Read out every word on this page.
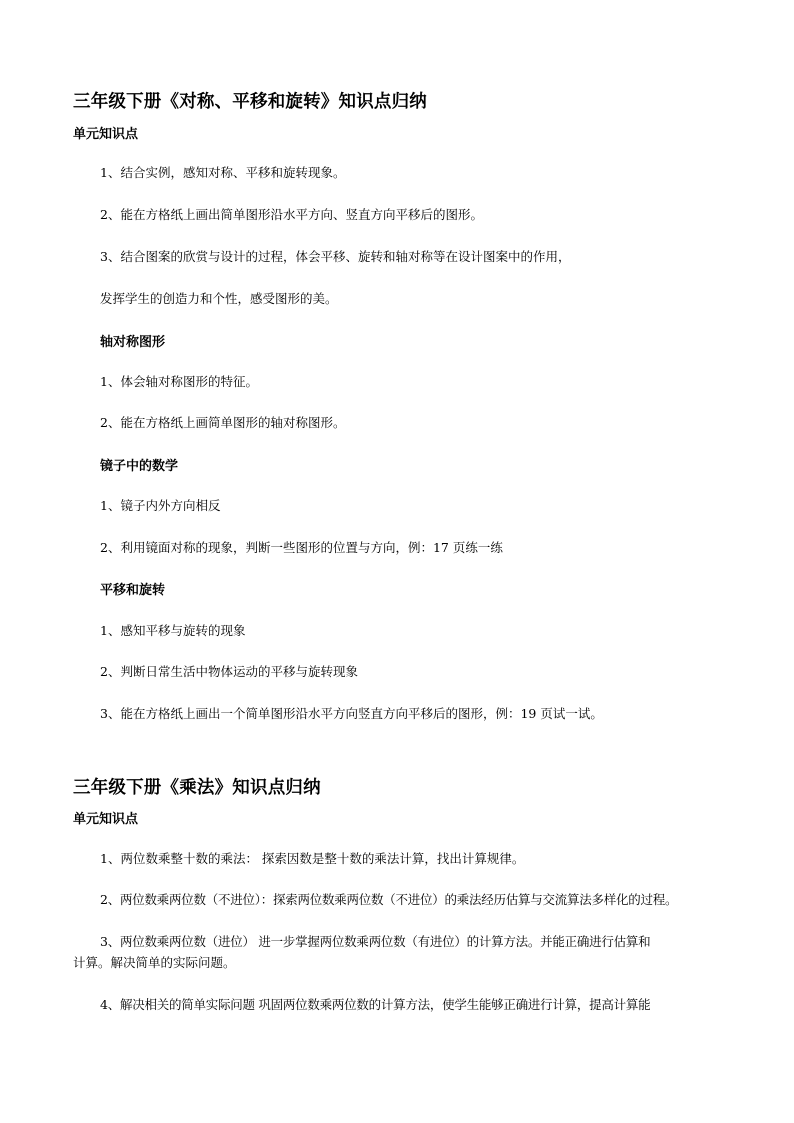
三年级下册《对称、平移和旋转》知识点归纳
单元知识点
1、结合实例，感知对称、平移和旋转现象。
2、能在方格纸上画出简单图形沿水平方向、竖直方向平移后的图形。
3、结合图案的欣赏与设计的过程，体会平移、旋转和轴对称等在设计图案中的作用，
发挥学生的创造力和个性，感受图形的美。
轴对称图形
1、体会轴对称图形的特征。
2、能在方格纸上画简单图形的轴对称图形。
镜子中的数学
1、镜子内外方向相反
2、利用镜面对称的现象，判断一些图形的位置与方向，例：17 页练一练
平移和旋转
1、感知平移与旋转的现象
2、判断日常生活中物体运动的平移与旋转现象
3、能在方格纸上画出一个简单图形沿水平方向竖直方向平移后的图形，例：19 页试一试。
三年级下册《乘法》知识点归纳
单元知识点
1、两位数乘整十数的乘法： 探索因数是整十数的乘法计算，找出计算规律。
2、两位数乘两位数（不进位）：探索两位数乘两位数（不进位）的乘法经历估算与交流算法多样化的过程。
3、两位数乘两位数（进位） 进一步掌握两位数乘两位数（有进位）的计算方法。并能正确进行估算和
计算。解决简单的实际问题。
4、解决相关的简单实际问题 巩固两位数乘两位数的计算方法，使学生能够正确进行计算，提高计算能
